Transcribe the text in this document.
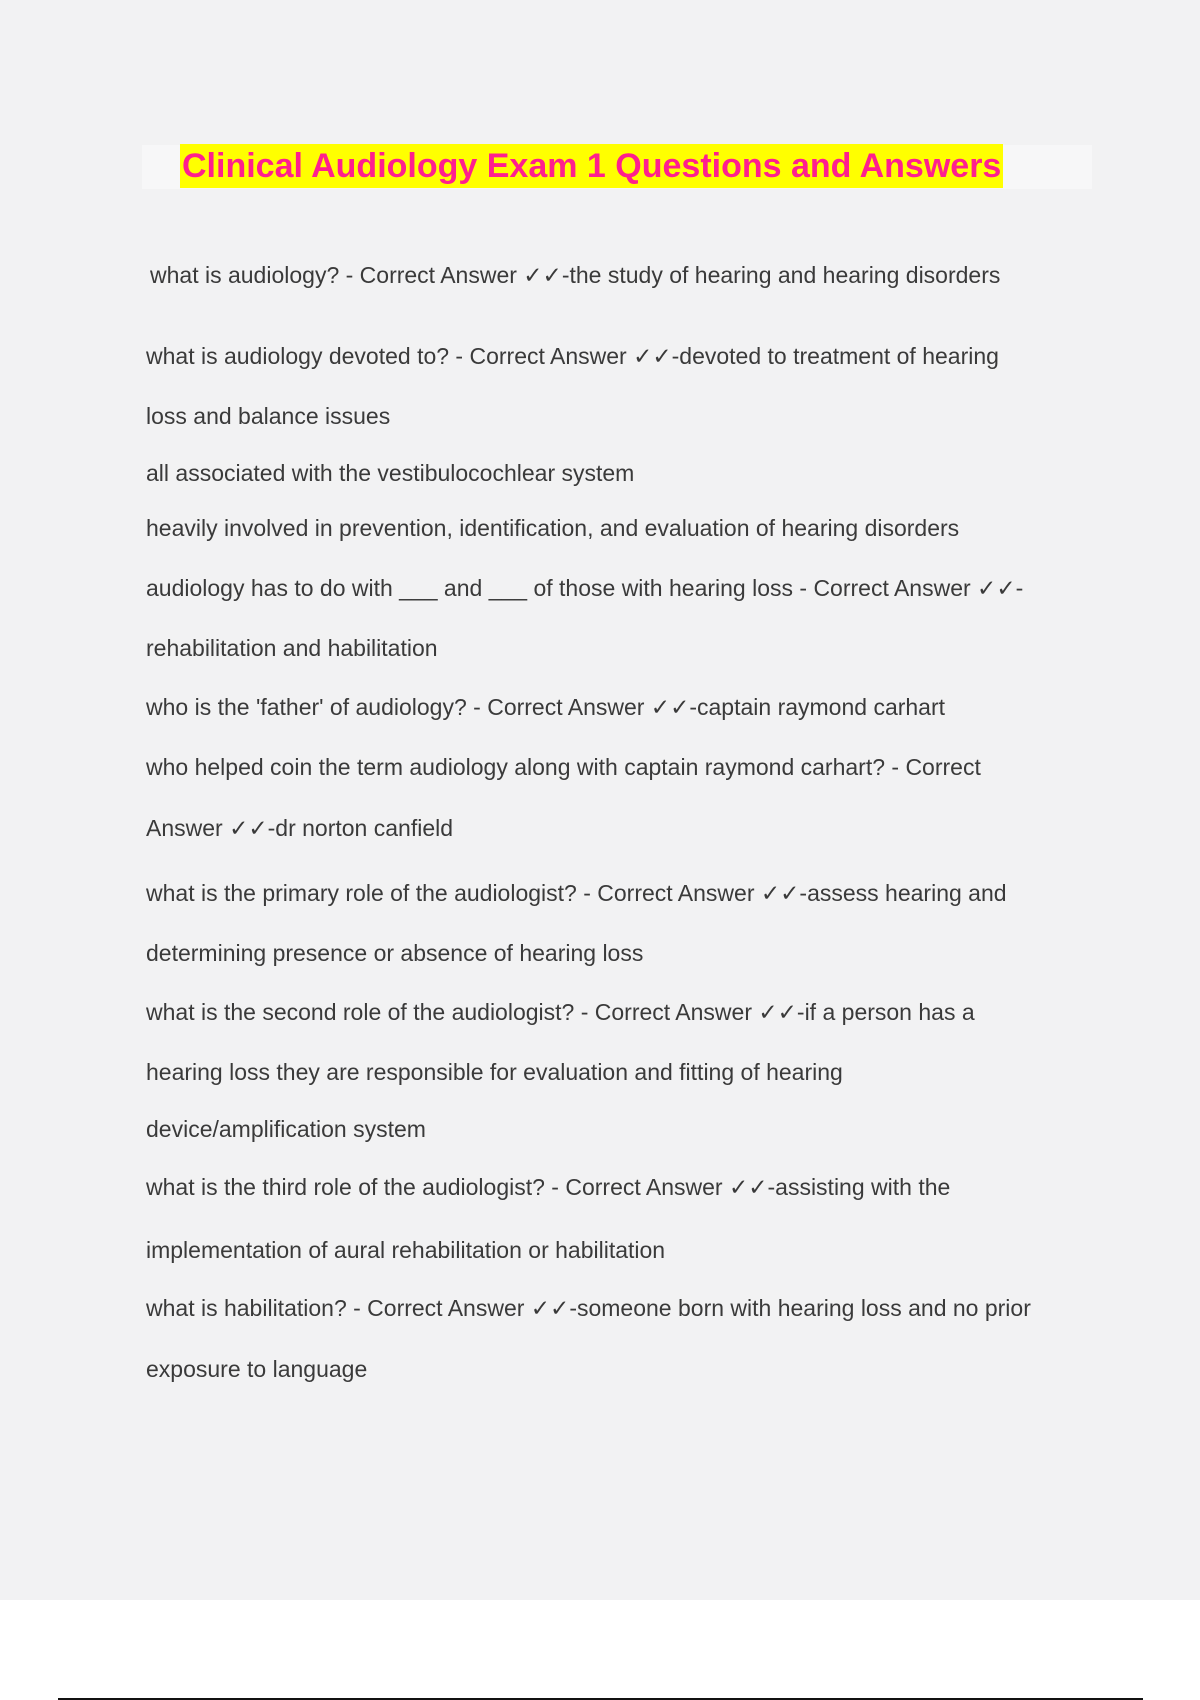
Clinical Audiology Exam 1 Questions and Answers
what is audiology? - Correct Answer ✓✓-the study of hearing and hearing disorders
what is audiology devoted to? - Correct Answer ✓✓-devoted to treatment of hearing
loss and balance issues
all associated with the vestibulocochlear system
heavily involved in prevention, identification, and evaluation of hearing disorders
audiology has to do with ___ and ___ of those with hearing loss - Correct Answer ✓✓-
rehabilitation and habilitation
who is the 'father' of audiology? - Correct Answer ✓✓-captain raymond carhart
who helped coin the term audiology along with captain raymond carhart? - Correct
Answer ✓✓-dr norton canfield
what is the primary role of the audiologist? - Correct Answer ✓✓-assess hearing and
determining presence or absence of hearing loss
what is the second role of the audiologist? - Correct Answer ✓✓-if a person has a
hearing loss they are responsible for evaluation and fitting of hearing
device/amplification system
what is the third role of the audiologist? - Correct Answer ✓✓-assisting with the
implementation of aural rehabilitation or habilitation
what is habilitation? - Correct Answer ✓✓-someone born with hearing loss and no prior
exposure to language
